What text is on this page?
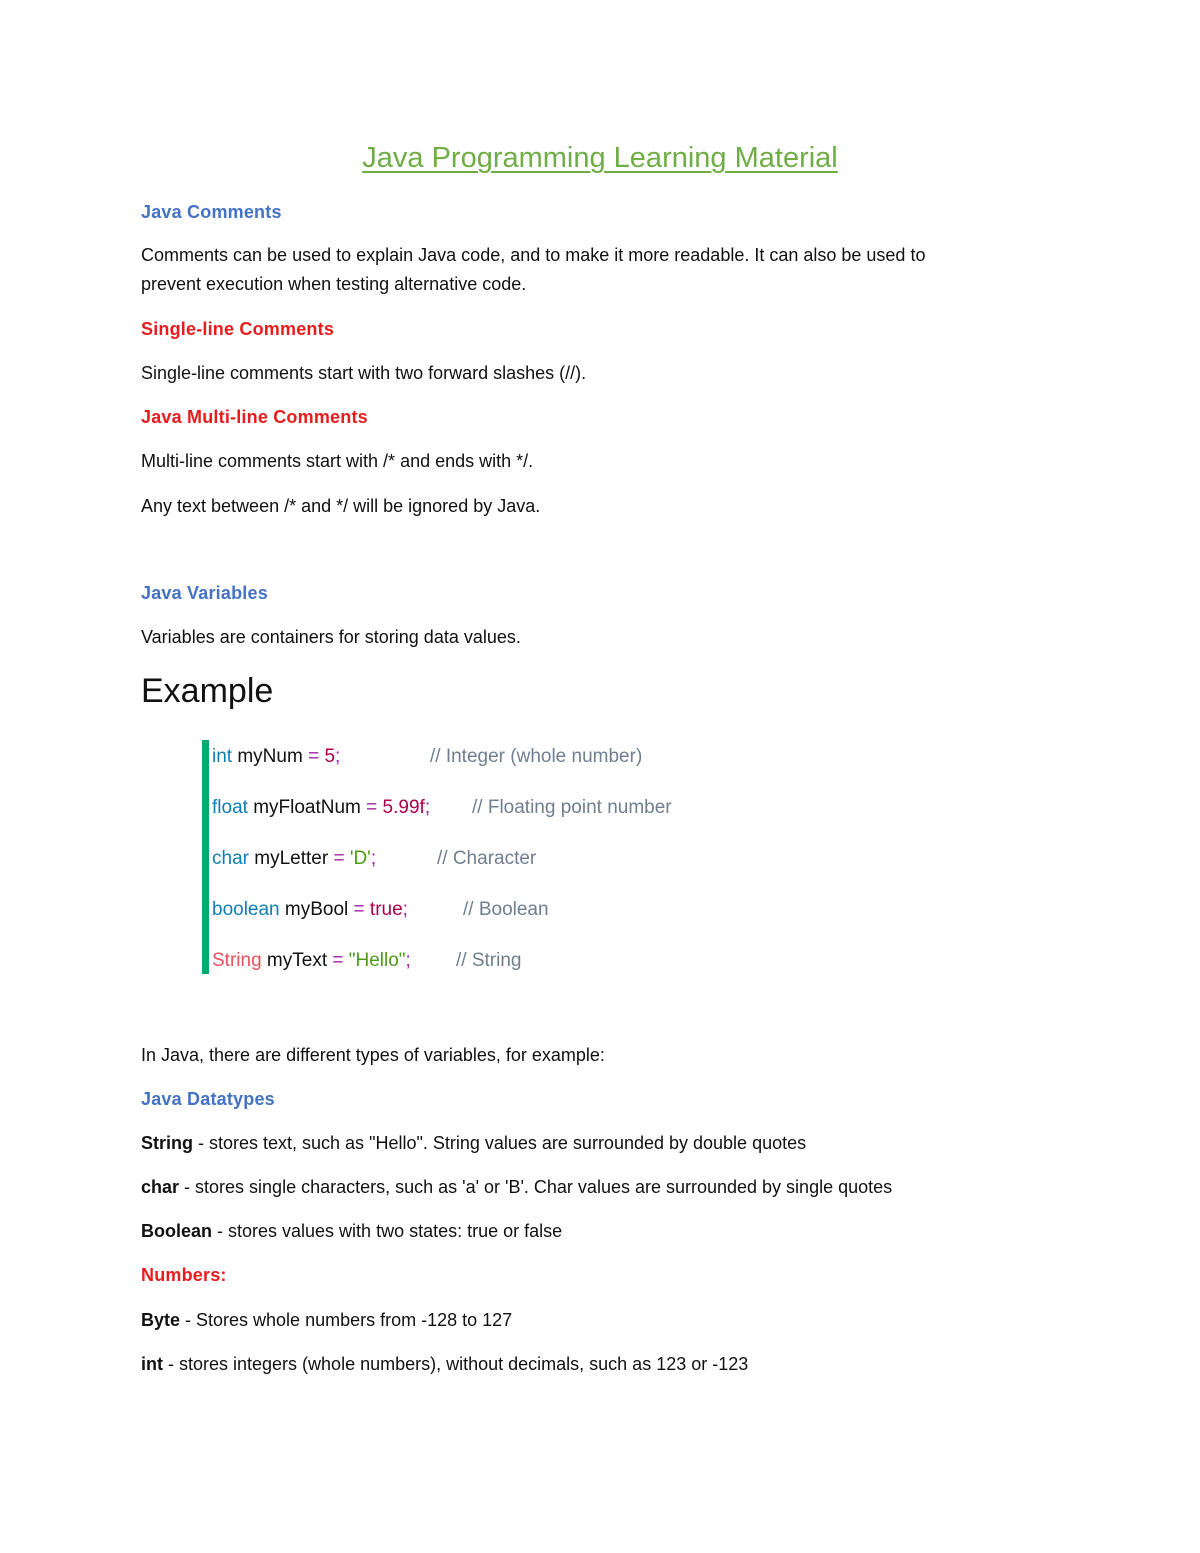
Java Programming Learning Material
Java Comments
Comments can be used to explain Java code, and to make it more readable. It can also be used to
prevent execution when testing alternative code.
Single-line Comments
Single-line comments start with two forward slashes (//).
Java Multi-line Comments
Multi-line comments start with /* and ends with */.
Any text between /* and */ will be ignored by Java.
Java Variables
Variables are containers for storing data values.
Example
int myNum = 5;	// Integer (whole number)
float myFloatNum = 5.99f; // Floating point number
char myLetter = 'D';	// Character
boolean myBool = true;	// Boolean
String myText = "Hello"; // String
In Java, there are different types of variables, for example:
Java Datatypes
String - stores text, such as "Hello". String values are surrounded by double quotes
char - stores single characters, such as 'a' or 'B'. Char values are surrounded by single quotes
Boolean - stores values with two states: true or false
Numbers:
Byte - Stores whole numbers from -128 to 127
int - stores integers (whole numbers), without decimals, such as 123 or -123
